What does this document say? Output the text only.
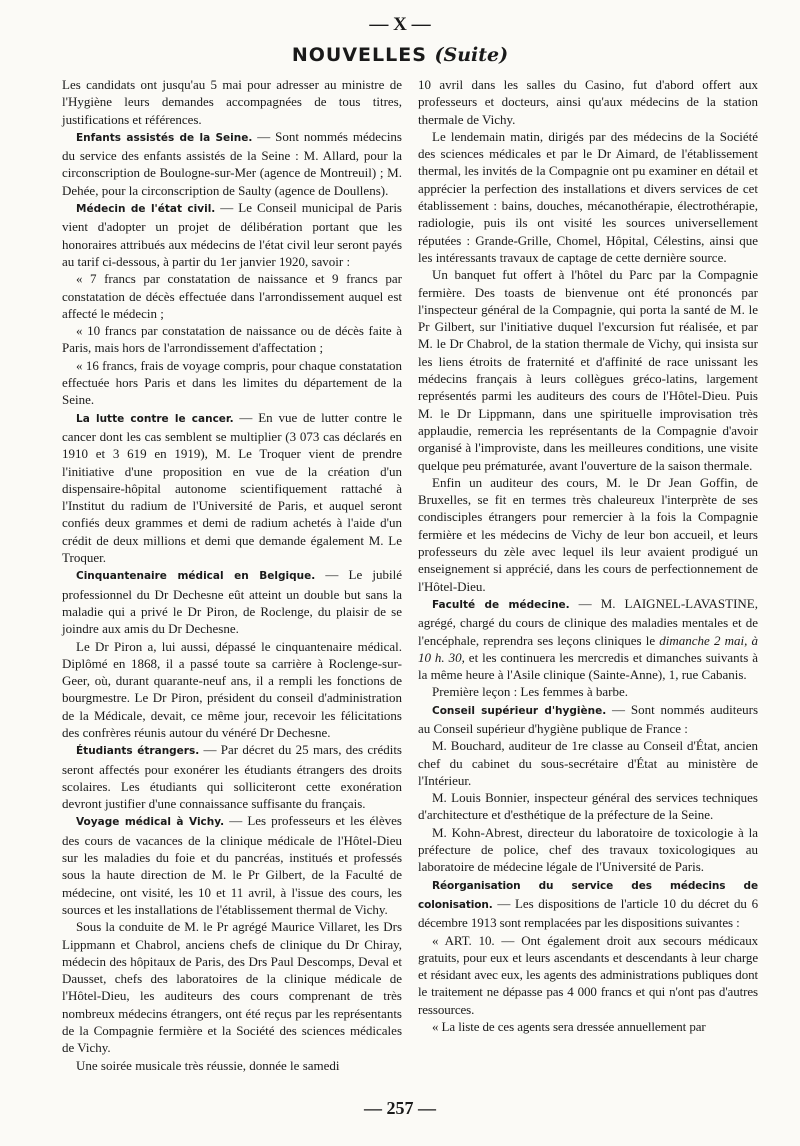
— X —
NOUVELLES (Suite)

Les candidats ont jusqu'au 5 mai pour adresser au ministre de l'Hygiène leurs demandes accompagnées de tous titres, justifications et références.

Enfants assistés de la Seine. — Sont nommés médecins du service des enfants assistés de la Seine : M. Allard, pour la circonscription de Boulogne-sur-Mer (agence de Montreuil) ; M. Dehée, pour la circonscription de Saulty (agence de Doullens).

Médecin de l'état civil. — Le Conseil municipal de Paris vient d'adopter un projet de délibération portant que les honoraires attribués aux médecins de l'état civil leur seront payés au tarif ci-dessous, à partir du 1er janvier 1920, savoir :

« 7 francs par constatation de naissance et 9 francs par constatation de décès effectuée dans l'arrondissement auquel est affecté le médecin ;

« 10 francs par constatation de naissance ou de décès faite à Paris, mais hors de l'arrondissement d'affectation ;

« 16 francs, frais de voyage compris, pour chaque constatation effectuée hors Paris et dans les limites du département de la Seine.

La lutte contre le cancer. — En vue de lutter contre le cancer dont les cas semblent se multiplier (3 073 cas déclarés en 1910 et 3 619 en 1919), M. Le Troquer vient de prendre l'initiative d'une proposition en vue de la création d'un dispensaire-hôpital autonome scientifiquement rattaché à l'Institut du radium de l'Université de Paris, et auquel seront confiés deux grammes et demi de radium achetés à l'aide d'un crédit de deux millions et demi que demande également M. Le Troquer.

Cinquantenaire médical en Belgique. — Le jubilé professionnel du Dr Dechesne eût atteint un double but sans la maladie qui a privé le Dr Piron, de Roclenge, du plaisir de se joindre aux amis du Dr Dechesne.

Le Dr Piron a, lui aussi, dépassé le cinquantenaire médical. Diplômé en 1868, il a passé toute sa carrière à Roclenge-sur-Geer, où, durant quarante-neuf ans, il a rempli les fonctions de bourgmestre. Le Dr Piron, président du conseil d'administration de la Médicale, devait, ce même jour, recevoir les félicitations des confrères réunis autour du vénéré Dr Dechesne.

Étudiants étrangers. — Par décret du 25 mars, des crédits seront affectés pour exonérer les étudiants étrangers des droits scolaires. Les étudiants qui solliciteront cette exonération devront justifier d'une connaissance suffisante du français.

Voyage médical à Vichy. — Les professeurs et les élèves des cours de vacances de la clinique médicale de l'Hôtel-Dieu sur les maladies du foie et du pancréas, institués et professés sous la haute direction de M. le Pr Gilbert, de la Faculté de médecine, ont visité, les 10 et 11 avril, à l'issue des cours, les sources et les installations de l'établissement thermal de Vichy.

Sous la conduite de M. le Pr agrégé Maurice Villaret, les Drs Lippmann et Chabrol, anciens chefs de clinique du Dr Chiray, médecin des hôpitaux de Paris, des Drs Paul Descomps, Deval et Dausset, chefs des laboratoires de la clinique médicale de l'Hôtel-Dieu, les auditeurs des cours comprenant de très nombreux médecins étrangers, ont été reçus par les représentants de la Compagnie fermière et la Société des sciences médicales de Vichy.

Une soirée musicale très réussie, donnée le samedi

10 avril dans les salles du Casino, fut d'abord offert aux professeurs et docteurs, ainsi qu'aux médecins de la station thermale de Vichy.

Le lendemain matin, dirigés par des médecins de la Société des sciences médicales et par le Dr Aimard, de l'établissement thermal, les invités de la Compagnie ont pu examiner en détail et apprécier la perfection des installations et divers services de cet établissement : bains, douches, mécanothérapie, électrothérapie, radiologie, puis ils ont visité les sources universellement réputées : Grande-Grille, Chomel, Hôpital, Célestins, ainsi que les intéressants travaux de captage de cette dernière source.

Un banquet fut offert à l'hôtel du Parc par la Compagnie fermière. Des toasts de bienvenue ont été prononcés par l'inspecteur général de la Compagnie, qui porta la santé de M. le Pr Gilbert, sur l'initiative duquel l'excursion fut réalisée, et par M. le Dr Chabrol, de la station thermale de Vichy, qui insista sur les liens étroits de fraternité et d'affinité de race unissant les médecins français à leurs collègues gréco-latins, largement représentés parmi les auditeurs des cours de l'Hôtel-Dieu. Puis M. le Dr Lippmann, dans une spirituelle improvisation très applaudie, remercia les représentants de la Compagnie d'avoir organisé à l'improviste, dans les meilleures conditions, une visite quelque peu prématurée, avant l'ouverture de la saison thermale.

Enfin un auditeur des cours, M. le Dr Jean Goffin, de Bruxelles, se fit en termes très chaleureux l'interprète de ses condisciples étrangers pour remercier à la fois la Compagnie fermière et les médecins de Vichy de leur bon accueil, et leurs professeurs du zèle avec lequel ils leur avaient prodigué un enseignement si apprécié, dans les cours de perfectionnement de l'Hôtel-Dieu.

Faculté de médecine. — M. LAIGNEL-LAVASTINE, agrégé, chargé du cours de clinique des maladies mentales et de l'encéphale, reprendra ses leçons cliniques le dimanche 2 mai, à 10 h. 30, et les continuera les mercredis et dimanches suivants à la même heure à l'Asile clinique (Sainte-Anne), 1, rue Cabanis.

Première leçon : Les femmes à barbe.

Conseil supérieur d'hygiène. — Sont nommés auditeurs au Conseil supérieur d'hygiène publique de France :

M. Bouchard, auditeur de 1re classe au Conseil d'État, ancien chef du cabinet du sous-secrétaire d'État au ministère de l'Intérieur.

M. Louis Bonnier, inspecteur général des services techniques d'architecture et d'esthétique de la préfecture de la Seine.

M. Kohn-Abrest, directeur du laboratoire de toxicologie à la préfecture de police, chef des travaux toxicologiques au laboratoire de médecine légale de l'Université de Paris.

Réorganisation du service des médecins de colonisation. — Les dispositions de l'article 10 du décret du 6 décembre 1913 sont remplacées par les dispositions suivantes :

« ART. 10. — Ont également droit aux secours médicaux gratuits, pour eux et leurs ascendants et descendants à leur charge et résidant avec eux, les agents des administrations publiques dont le traitement ne dépasse pas 4 000 francs et qui n'ont pas d'autres ressources.

« La liste de ces agents sera dressée annuellement par

— 257 —
